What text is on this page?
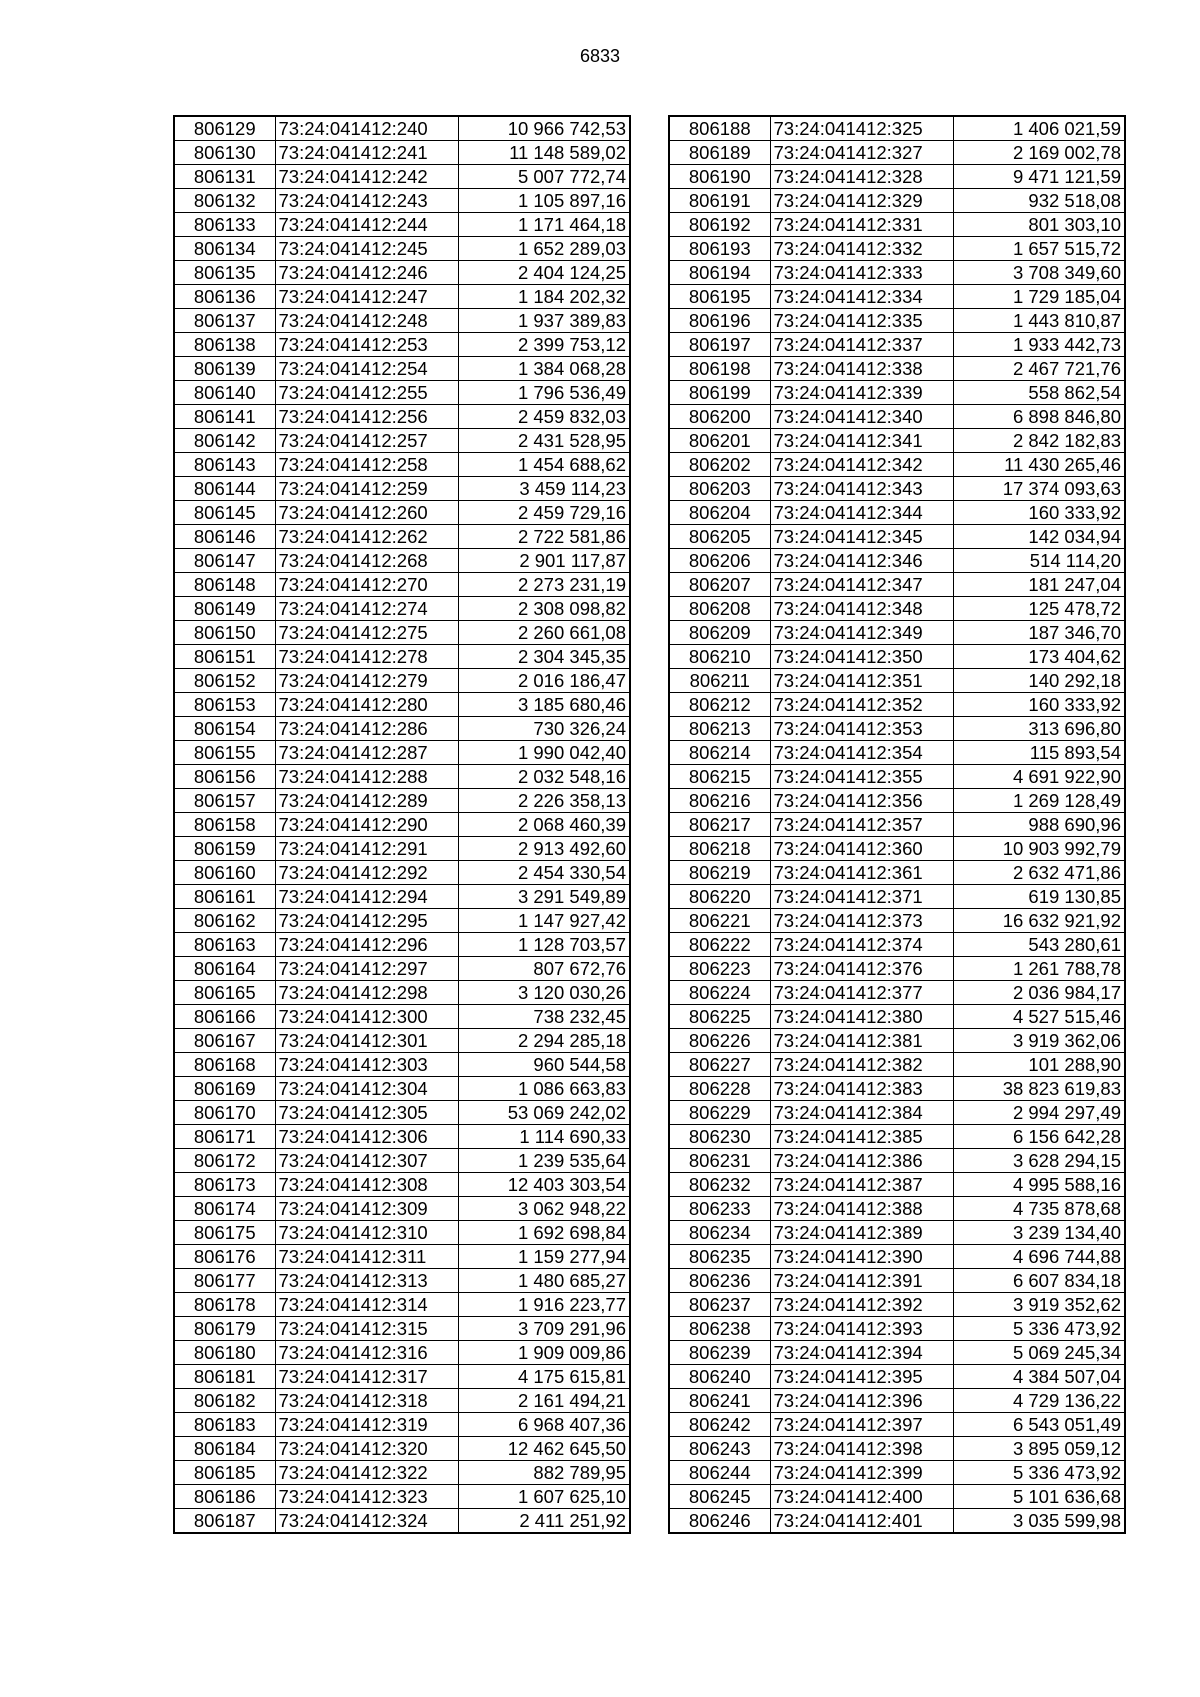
6833
806129	73:24:041412:240	10 966 742,53
806130	73:24:041412:241	11 148 589,02
806131	73:24:041412:242	5 007 772,74
806132	73:24:041412:243	1 105 897,16
806133	73:24:041412:244	1 171 464,18
806134	73:24:041412:245	1 652 289,03
806135	73:24:041412:246	2 404 124,25
806136	73:24:041412:247	1 184 202,32
806137	73:24:041412:248	1 937 389,83
806138	73:24:041412:253	2 399 753,12
806139	73:24:041412:254	1 384 068,28
806140	73:24:041412:255	1 796 536,49
806141	73:24:041412:256	2 459 832,03
806142	73:24:041412:257	2 431 528,95
806143	73:24:041412:258	1 454 688,62
806144	73:24:041412:259	3 459 114,23
806145	73:24:041412:260	2 459 729,16
806146	73:24:041412:262	2 722 581,86
806147	73:24:041412:268	2 901 117,87
806148	73:24:041412:270	2 273 231,19
806149	73:24:041412:274	2 308 098,82
806150	73:24:041412:275	2 260 661,08
806151	73:24:041412:278	2 304 345,35
806152	73:24:041412:279	2 016 186,47
806153	73:24:041412:280	3 185 680,46
806154	73:24:041412:286	730 326,24
806155	73:24:041412:287	1 990 042,40
806156	73:24:041412:288	2 032 548,16
806157	73:24:041412:289	2 226 358,13
806158	73:24:041412:290	2 068 460,39
806159	73:24:041412:291	2 913 492,60
806160	73:24:041412:292	2 454 330,54
806161	73:24:041412:294	3 291 549,89
806162	73:24:041412:295	1 147 927,42
806163	73:24:041412:296	1 128 703,57
806164	73:24:041412:297	807 672,76
806165	73:24:041412:298	3 120 030,26
806166	73:24:041412:300	738 232,45
806167	73:24:041412:301	2 294 285,18
806168	73:24:041412:303	960 544,58
806169	73:24:041412:304	1 086 663,83
806170	73:24:041412:305	53 069 242,02
806171	73:24:041412:306	1 114 690,33
806172	73:24:041412:307	1 239 535,64
806173	73:24:041412:308	12 403 303,54
806174	73:24:041412:309	3 062 948,22
806175	73:24:041412:310	1 692 698,84
806176	73:24:041412:311	1 159 277,94
806177	73:24:041412:313	1 480 685,27
806178	73:24:041412:314	1 916 223,77
806179	73:24:041412:315	3 709 291,96
806180	73:24:041412:316	1 909 009,86
806181	73:24:041412:317	4 175 615,81
806182	73:24:041412:318	2 161 494,21
806183	73:24:041412:319	6 968 407,36
806184	73:24:041412:320	12 462 645,50
806185	73:24:041412:322	882 789,95
806186	73:24:041412:323	1 607 625,10
806187	73:24:041412:324	2 411 251,92
806188	73:24:041412:325	1 406 021,59
806189	73:24:041412:327	2 169 002,78
806190	73:24:041412:328	9 471 121,59
806191	73:24:041412:329	932 518,08
806192	73:24:041412:331	801 303,10
806193	73:24:041412:332	1 657 515,72
806194	73:24:041412:333	3 708 349,60
806195	73:24:041412:334	1 729 185,04
806196	73:24:041412:335	1 443 810,87
806197	73:24:041412:337	1 933 442,73
806198	73:24:041412:338	2 467 721,76
806199	73:24:041412:339	558 862,54
806200	73:24:041412:340	6 898 846,80
806201	73:24:041412:341	2 842 182,83
806202	73:24:041412:342	11 430 265,46
806203	73:24:041412:343	17 374 093,63
806204	73:24:041412:344	160 333,92
806205	73:24:041412:345	142 034,94
806206	73:24:041412:346	514 114,20
806207	73:24:041412:347	181 247,04
806208	73:24:041412:348	125 478,72
806209	73:24:041412:349	187 346,70
806210	73:24:041412:350	173 404,62
806211	73:24:041412:351	140 292,18
806212	73:24:041412:352	160 333,92
806213	73:24:041412:353	313 696,80
806214	73:24:041412:354	115 893,54
806215	73:24:041412:355	4 691 922,90
806216	73:24:041412:356	1 269 128,49
806217	73:24:041412:357	988 690,96
806218	73:24:041412:360	10 903 992,79
806219	73:24:041412:361	2 632 471,86
806220	73:24:041412:371	619 130,85
806221	73:24:041412:373	16 632 921,92
806222	73:24:041412:374	543 280,61
806223	73:24:041412:376	1 261 788,78
806224	73:24:041412:377	2 036 984,17
806225	73:24:041412:380	4 527 515,46
806226	73:24:041412:381	3 919 362,06
806227	73:24:041412:382	101 288,90
806228	73:24:041412:383	38 823 619,83
806229	73:24:041412:384	2 994 297,49
806230	73:24:041412:385	6 156 642,28
806231	73:24:041412:386	3 628 294,15
806232	73:24:041412:387	4 995 588,16
806233	73:24:041412:388	4 735 878,68
806234	73:24:041412:389	3 239 134,40
806235	73:24:041412:390	4 696 744,88
806236	73:24:041412:391	6 607 834,18
806237	73:24:041412:392	3 919 352,62
806238	73:24:041412:393	5 336 473,92
806239	73:24:041412:394	5 069 245,34
806240	73:24:041412:395	4 384 507,04
806241	73:24:041412:396	4 729 136,22
806242	73:24:041412:397	6 543 051,49
806243	73:24:041412:398	3 895 059,12
806244	73:24:041412:399	5 336 473,92
806245	73:24:041412:400	5 101 636,68
806246	73:24:041412:401	3 035 599,98
